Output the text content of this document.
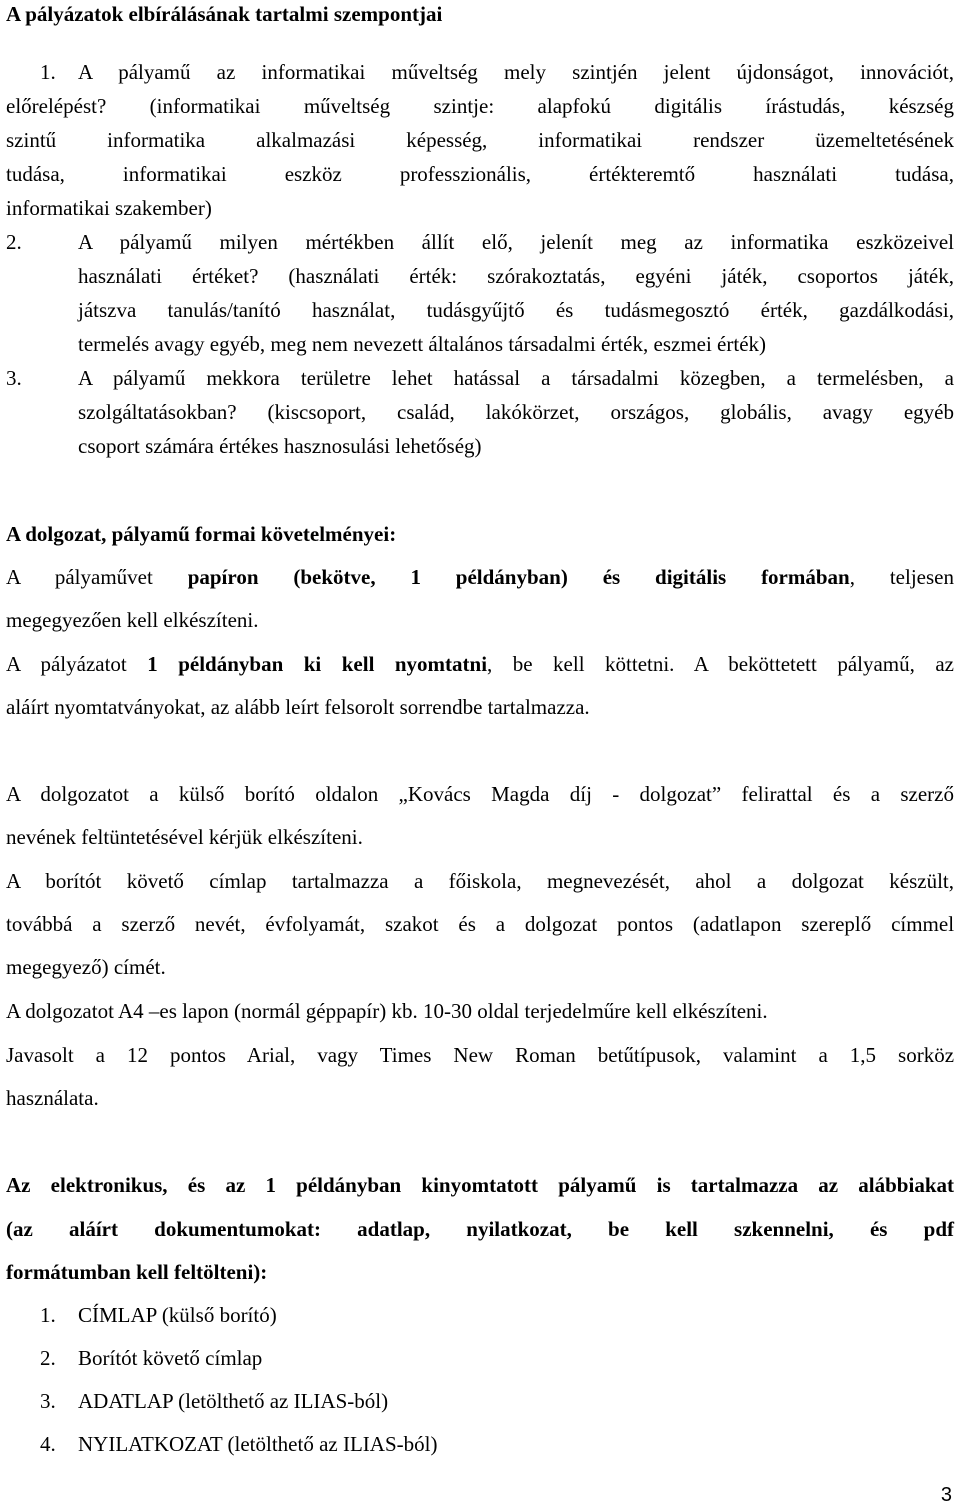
A pályázatok elbírálásának tartalmi szempontjai
1. A pályamű az informatikai műveltség mely szintjén jelent újdonságot, innovációt,
előrelépést? (informatikai műveltség szintje: alapfokú digitális írástudás, készség
szintű informatika alkalmazási képesség, informatikai rendszer üzemeltetésének
tudása, informatikai eszköz professzionális, értékteremtő használati tudása,
informatikai szakember)
2.	A pályamű milyen mértékben állít elő, jelenít meg az informatika eszközeivel
használati értéket? (használati érték: szórakoztatás, egyéni játék, csoportos játék,
játszva tanulás/tanító használat, tudásgyűjtő és tudásmegosztó érték, gazdálkodási,
termelés avagy egyéb, meg nem nevezett általános társadalmi érték, eszmei érték)
3.	A pályamű mekkora területre lehet hatással a társadalmi közegben, a termelésben, a
szolgáltatásokban? (kiscsoport, család, lakókörzet, országos, globális, avagy egyéb
csoport számára értékes hasznosulási lehetőség)
A dolgozat, pályamű formai követelményei:
A pályaművet papíron (bekötve, 1 példányban) és digitális formában, teljesen
megegyezően kell elkészíteni.
A pályázatot 1 példányban ki kell nyomtatni, be kell köttetni. A beköttetett pályamű, az
aláírt nyomtatványokat, az alább leírt felsorolt sorrendbe tartalmazza.
A dolgozatot a külső borító oldalon „Kovács Magda díj - dolgozat” felirattal és a szerző
nevének feltüntetésével kérjük elkészíteni.
A borítót követő címlap tartalmazza a főiskola, megnevezését, ahol a dolgozat készült,
továbbá a szerző nevét, évfolyamát, szakot és a dolgozat pontos (adatlapon szereplő címmel
megegyező) címét.
A dolgozatot A4 –es lapon (normál géppapír) kb. 10-30 oldal terjedelműre kell elkészíteni.
Javasolt a 12 pontos Arial, vagy Times New Roman betűtípusok, valamint a 1,5 sorköz
használata.
Az elektronikus, és az 1 példányban kinyomtatott pályamű is tartalmazza az alábbiakat
(az aláírt dokumentumokat: adatlap, nyilatkozat, be kell szkennelni, és pdf
formátumban kell feltölteni):
1. CÍMLAP (külső borító)
2. Borítót követő címlap
3. ADATLAP (letölthető az ILIAS-ból)
4. NYILATKOZAT (letölthető az ILIAS-ból)
3
